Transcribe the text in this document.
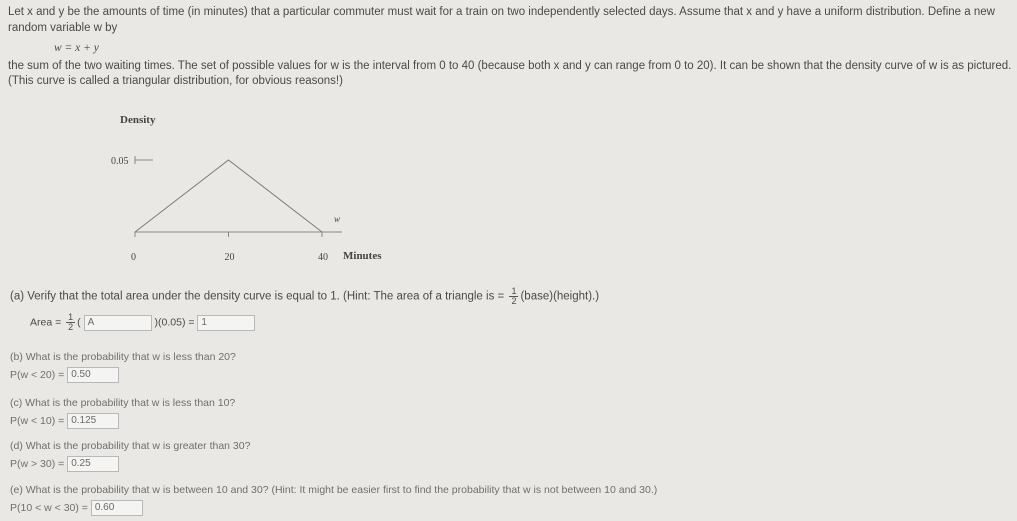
Let x and y be the amounts of time (in minutes) that a particular commuter must wait for a train on two independently selected days. Assume that x and y have a uniform distribution. Define a new
random variable w by
w = x + y
the sum of the two waiting times. The set of possible values for w is the interval from 0 to 40 (because both x and y can range from 0 to 20). It can be shown that the density curve of w is as pictured.
(This curve is called a triangular distribution, for obvious reasons!)
Density
0.05
0	20	40
w
Minutes
(a) Verify that the total area under the density curve is equal to 1. (Hint: The area of a triangle is = $\frac{1}{2}$ (base)(height).)
Area = $\frac{1}{2}$ ( A	)(0.05) = 1
(b) What is the probability that w is less than 20?
P(w < 20) = 0.50
(c) What is the probability that w is less than 10?
P(w < 10) = 0.125
(d) What is the probability that w is greater than 30?
P(w > 30) = 0.25
(e) What is the probability that w is between 10 and 30? (Hint: It might be easier first to find the probability that w is not between 10 and 30.)
P(10 < w < 30) = 0.60
